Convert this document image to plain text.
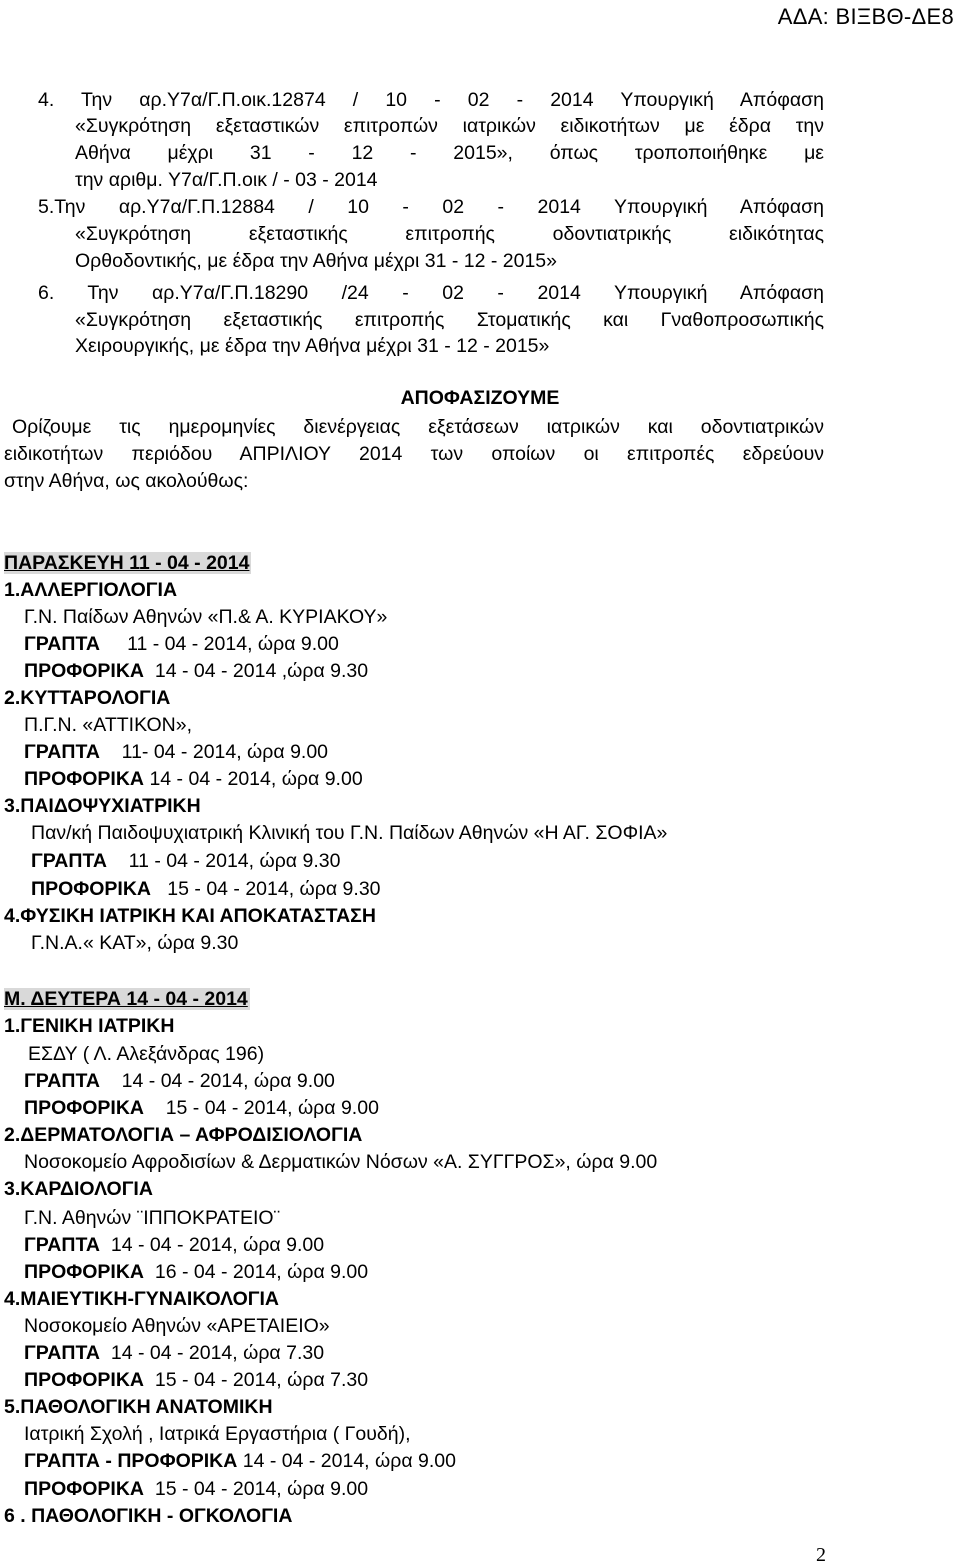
ΑΔΑ: ΒΙΞΒΘ-ΔΕ8
4. Την αρ.Υ7α/Γ.Π.οικ.12874 / 10 - 02 - 2014 Υπουργική Απόφαση
«Συγκρότηση εξεταστικών επιτροπών ιατρικών ειδικοτήτων με έδρα την
Αθήνα μέχρι 31 - 12 - 2015», όπως τροποποιήθηκε με
την αριθμ. Υ7α/Γ.Π.οικ / - 03 - 2014
5.Την αρ.Υ7α/Γ.Π.12884 / 10 - 02 - 2014 Υπουργική Απόφαση
«Συγκρότηση εξεταστικής επιτροπής οδοντιατρικής ειδικότητας
Ορθοδοντικής, με έδρα την Αθήνα μέχρι 31 - 12 - 2015»
6. Την αρ.Υ7α/Γ.Π.18290 /24 - 02 - 2014 Υπουργική Απόφαση
«Συγκρότηση εξεταστικής επιτροπής Στοματικής και Γναθοπροσωπικής
Χειρουργικής, με έδρα την Αθήνα μέχρι 31 - 12 - 2015»
ΑΠΟΦΑΣΙΖΟΥΜΕ
Ορίζουμε τις ημερομηνίες διενέργειας εξετάσεων ιατρικών και οδοντιατρικών
ειδικοτήτων περιόδου ΑΠΡΙΛΙΟΥ 2014 των οποίων οι επιτροπές εδρεύουν
στην Αθήνα, ως ακολούθως:
ΠΑΡΑΣΚΕΥΗ 11 - 04 - 2014
1.ΑΛΛΕΡΓΙΟΛΟΓΙΑ
Γ.Ν. Παίδων Αθηνών «Π.& Α. ΚΥΡΙΑΚΟΥ»
ΓΡΑΠΤΑ 11 - 04 - 2014, ώρα 9.00
ΠΡΟΦΟΡΙΚΑ 14 - 04 - 2014 ,ώρα 9.30
2.ΚΥΤΤΑΡΟΛΟΓΙΑ
Π.Γ.Ν. «ΑΤΤΙΚΟΝ»,
ΓΡΑΠΤΑ 11- 04 - 2014, ώρα 9.00
ΠΡΟΦΟΡΙΚΑ 14 - 04 - 2014, ώρα 9.00
3.ΠΑΙΔΟΨΥΧΙΑΤΡΙΚΗ
Παν/κή Παιδοψυχιατρική Κλινική του Γ.Ν. Παίδων Αθηνών «Η ΑΓ. ΣΟΦΙΑ»
ΓΡΑΠΤΑ 11 - 04 - 2014, ώρα 9.30
ΠΡΟΦΟΡΙΚΑ 15 - 04 - 2014, ώρα 9.30
4.ΦΥΣΙΚΗ ΙΑΤΡΙΚΗ ΚΑΙ ΑΠΟΚΑΤΑΣΤΑΣΗ
Γ.Ν.Α.« ΚΑΤ», ώρα 9.30
Μ. ΔΕΥΤΕΡΑ 14 - 04 - 2014
1.ΓΕΝΙΚΗ ΙΑΤΡΙΚΗ
ΕΣΔΥ ( Λ. Αλεξάνδρας 196)
ΓΡΑΠΤΑ 14 - 04 - 2014, ώρα 9.00
ΠΡΟΦΟΡΙΚΑ 15 - 04 - 2014, ώρα 9.00
2.ΔΕΡΜΑΤΟΛΟΓΙΑ – ΑΦΡΟΔΙΣΙΟΛΟΓΙΑ
Νοσοκομείο Αφροδισίων & Δερματικών Νόσων «Α. ΣΥΓΓΡΟΣ», ώρα 9.00
3.ΚΑΡΔΙΟΛΟΓΙΑ
Γ.Ν. Αθηνών ¨ΙΠΠΟΚΡΑΤΕΙΟ¨
ΓΡΑΠΤΑ 14 - 04 - 2014, ώρα 9.00
ΠΡΟΦΟΡΙΚΑ 16 - 04 - 2014, ώρα 9.00
4.ΜΑΙΕΥΤΙΚΗ-ΓΥΝΑΙΚΟΛΟΓΙΑ
Νοσοκομείο Αθηνών «ΑΡΕΤΑΙΕΙΟ»
ΓΡΑΠΤΑ 14 - 04 - 2014, ώρα 7.30
ΠΡΟΦΟΡΙΚΑ 15 - 04 - 2014, ώρα 7.30
5.ΠΑΘΟΛΟΓΙΚΗ ΑΝΑΤΟΜΙΚΗ
Ιατρική Σχολή , Ιατρικά Εργαστήρια ( Γουδή),
ΓΡΑΠΤΑ - ΠΡΟΦΟΡΙΚΑ 14 - 04 - 2014, ώρα 9.00
ΠΡΟΦΟΡΙΚΑ 15 - 04 - 2014, ώρα 9.00
6 . ΠΑΘΟΛΟΓΙΚΗ - ΟΓΚΟΛΟΓΙΑ
2
